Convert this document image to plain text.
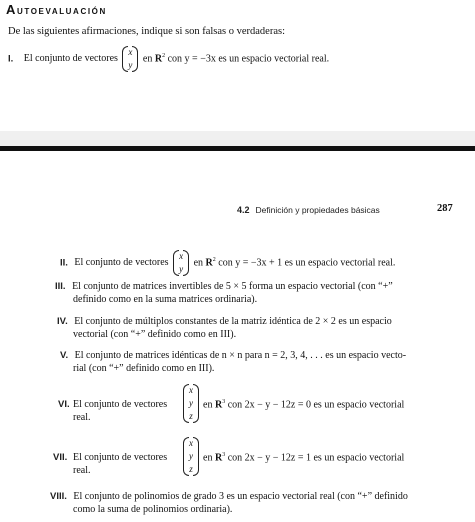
Autoevaluación
De las siguientes afirmaciones, indique si son falsas o verdaderas:
I. El conjunto de vectores
x
y
en $R^2$ con y = −3x es un espacio vectorial real.
4.2 Definición y propiedades básicas	287
II. El conjunto de vectores
x
y
en $R^2$ con y = −3x + 1 es un espacio vectorial real.
III. El conjunto de matrices invertibles de 5 × 5 forma un espacio vectorial (con “+”
definido como en la suma matrices ordinaria).
IV. El conjunto de múltiplos constantes de la matriz idéntica de 2 × 2 es un espacio
vectorial (con “+” definido como en III).
V. El conjunto de matrices idénticas de n × n para n = 2, 3, 4, . . . es un espacio vecto-
rial (con “+” definido como en III).
VI. El conjunto de vectores
real.
x
y
z
en $R^3$ con 2x − y − 12z = 0 es un espacio vectorial
VII. El conjunto de vectores
real.
x
y
z
en $R^3$ con 2x − y − 12z = 1 es un espacio vectorial
VIII. El conjunto de polinomios de grado 3 es un espacio vectorial real (con “+” definido
como la suma de polinomios ordinaria).
